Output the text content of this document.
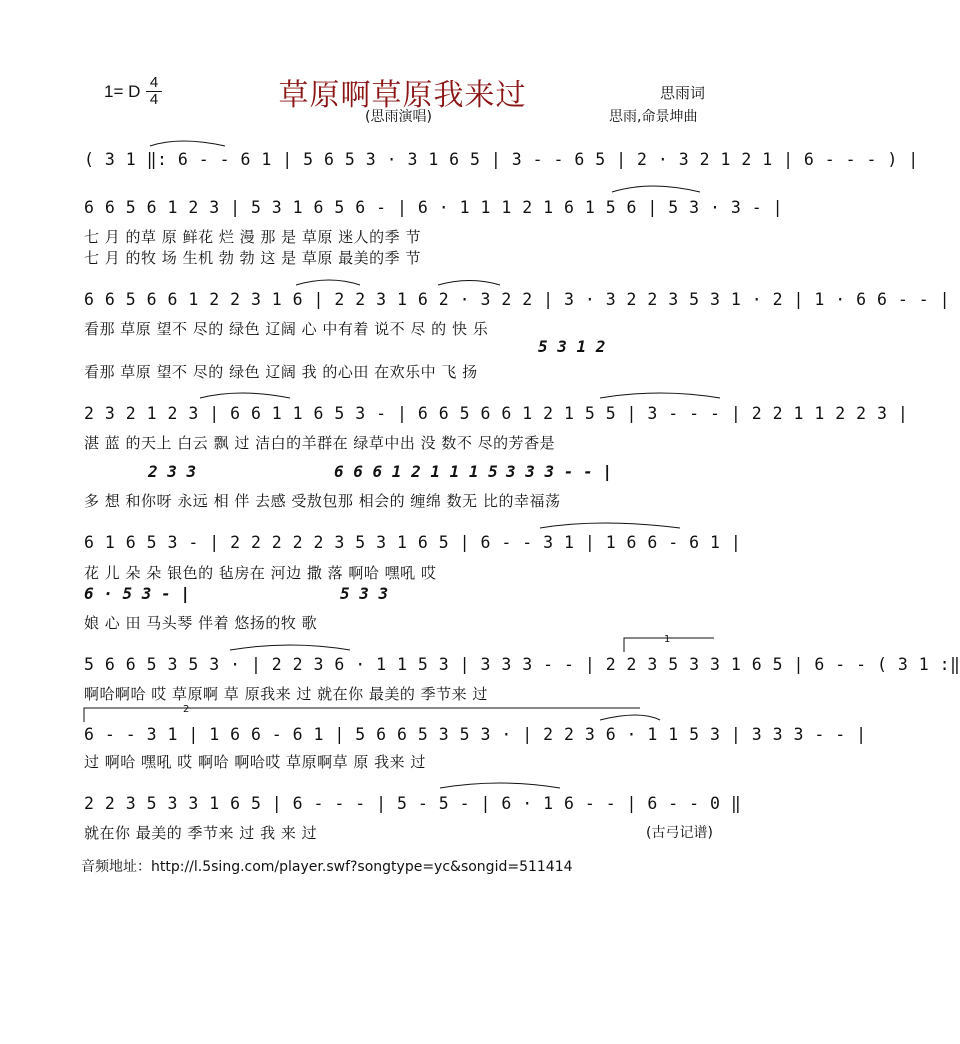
草原啊草原我来过
1= D 4
4	思雨词
(思雨演唱)	思雨,命景坤曲
( 3 1 ‖: 6 - - 6 1 | 5 6 5 3 · 3 1 6 5 | 3 - - 6 5 | 2 · 3 2 1 2 1 | 6 - - - ) |
6 6 5 6 1 2 3 | 5 3 1 6 5 6 - | 6 · 1 1 1 2 1 6 1 5 6 | 5 3 · 3 - |
七 月 的草 原 鲜花 烂 漫 那 是 草原 迷人的季 节
七 月 的牧 场 生机 勃 勃 这 是 草原 最美的季 节
6 6 5 6 6 1 2 2 3 1 6 | 2 2 3 1 6 2 · 3 2 2 | 3 · 3 2 2 3 5 3 1 · 2 | 1 · 6 6 - - |
看那 草原 望不 尽的 绿色 辽阔 心 中有着 说不 尽 的 快 乐
5 3 1 2
看那 草原 望不 尽的 绿色 辽阔 我 的心田 在欢乐中 飞 扬
2 3 2 1 2 3 | 6 6 1 1 6 5 3 - | 6 6 5 6 6 1 2 1 5 5 | 3 - - - | 2 2 1 1 2 2 3 |
湛 蓝 的天上 白云 飘 过 洁白的羊群在 绿草中出 没 数不 尽的芳香是
2 3 3	6 6 6 1 2 1 1 1 5 3 3 3 - - |
多 想 和你呀 永远 相 伴 去感 受敖包那 相会的 缠绵 数无 比的幸福荡
6 1 6 5 3 - | 2 2 2 2 2 3 5 3 1 6 5 | 6 - - 3 1 | 1 6 6 - 6 1 |
花 儿 朵 朵 银色的 毡房在 河边 撒 落 啊哈 嘿吼 哎
6 · 5 3 - |	5 3 3
娘 心 田 马头琴 伴着 悠扬的牧 歌
5 6 6 5 3 5 3 · | 2 2 3 6 · 1 1 5 3 | 3 3 3 - - | 2 2 3 5 3 3 1 6 5 | 6 - - ( 3 1 :‖
啊哈啊哈 哎 草原啊 草 原我来 过 就在你 最美的 季节来 过
6 - - 3 1 | 1 6 6 - 6 1 | 5 6 6 5 3 5 3 · | 2 2 3 6 · 1 1 5 3 | 3 3 3 - - |
过 啊哈 嘿吼 哎 啊哈 啊哈哎 草原啊草 原 我来 过
2 2 3 5 3 3 1 6 5 | 6 - - - | 5 - 5 - | 6 · 1 6 - - | 6 - - 0 ‖
就在你 最美的 季节来 过 我 来 过	(古弓记谱)
音频地址：http://l.5sing.com/player.swf?songtype=yc&songid=511414
1
2
